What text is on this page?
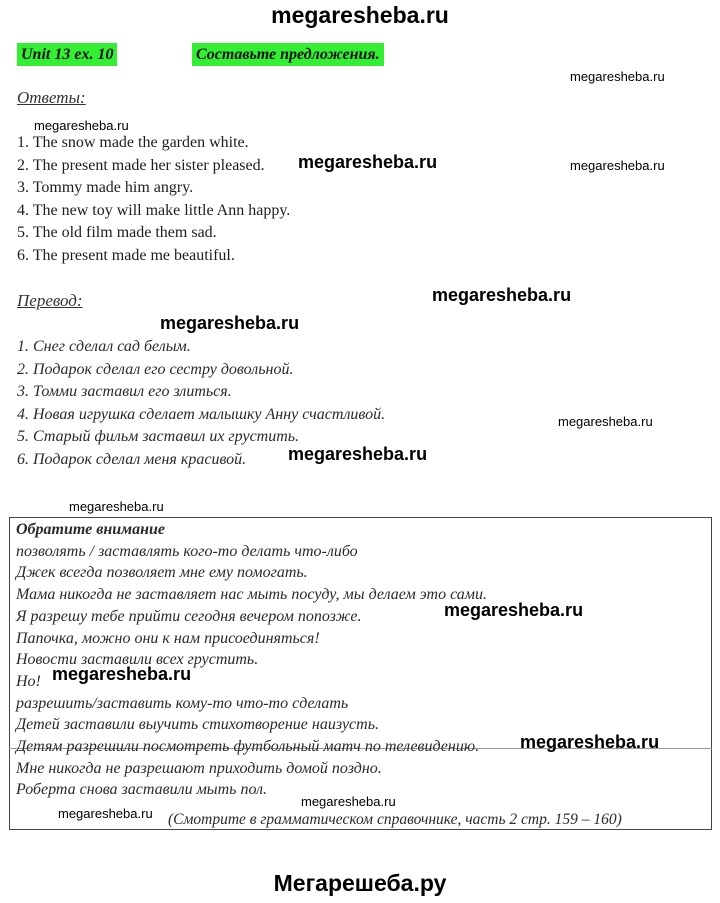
megaresheba.ru
Unit 13 ex. 10	Составьте предложения.
Ответы:
1. The snow made the garden white.
2. The present made her sister pleased.
3. Tommy made him angry.
4. The new toy will make little Ann happy.
5. The old film made them sad.
6. The present made me beautiful.
Перевод:
1. Снег сделал сад белым.
2. Подарок сделал его сестру довольной.
3. Томми заставил его злиться.
4. Новая игрушка сделает малышку Анну счастливой.
5. Старый фильм заставил их грустить.
6. Подарок сделал меня красивой.
Обратите внимание
позволять / заставлять кого-то делать что-либо
Джек всегда позволяет мне ему помогать.
Мама никогда не заставляет нас мыть посуду, мы делаем это сами.
Я разрешу тебе прийти сегодня вечером попозже.
Папочка, можно они к нам присоединяться!
Новости заставили всех грустить.
Но!
разрешить/заставить кому-то что-то сделать
Детей заставили выучить стихотворение наизусть.
Детям разрешили посмотреть футбольный матч по телевидению.
Мне никогда не разрешают приходить домой поздно.
Роберта снова заставили мыть пол.
(Смотрите в грамматическом справочнике, часть 2 стр. 159 – 160)
megaresheba.ru
megaresheba.ru
megaresheba.ru
megaresheba.ru
megaresheba.ru
megaresheba.ru
megaresheba.ru
megaresheba.ru
megaresheba.ru
megaresheba.ru
megaresheba.ru
megaresheba.ru
megaresheba.ru
megaresheba.ru
Мегарешеба.ру
